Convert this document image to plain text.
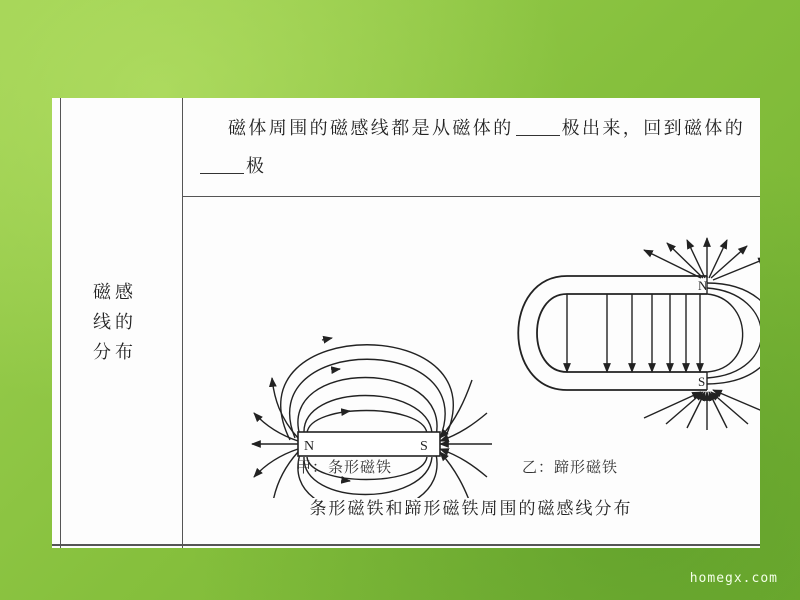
磁感线的分布
磁体周围的磁感线都是从磁体的	极出来，回到磁体的极
N	S
N
S
甲：条形磁铁	乙：蹄形磁铁
条形磁铁和蹄形磁铁周围的磁感线分布
homegx.com
